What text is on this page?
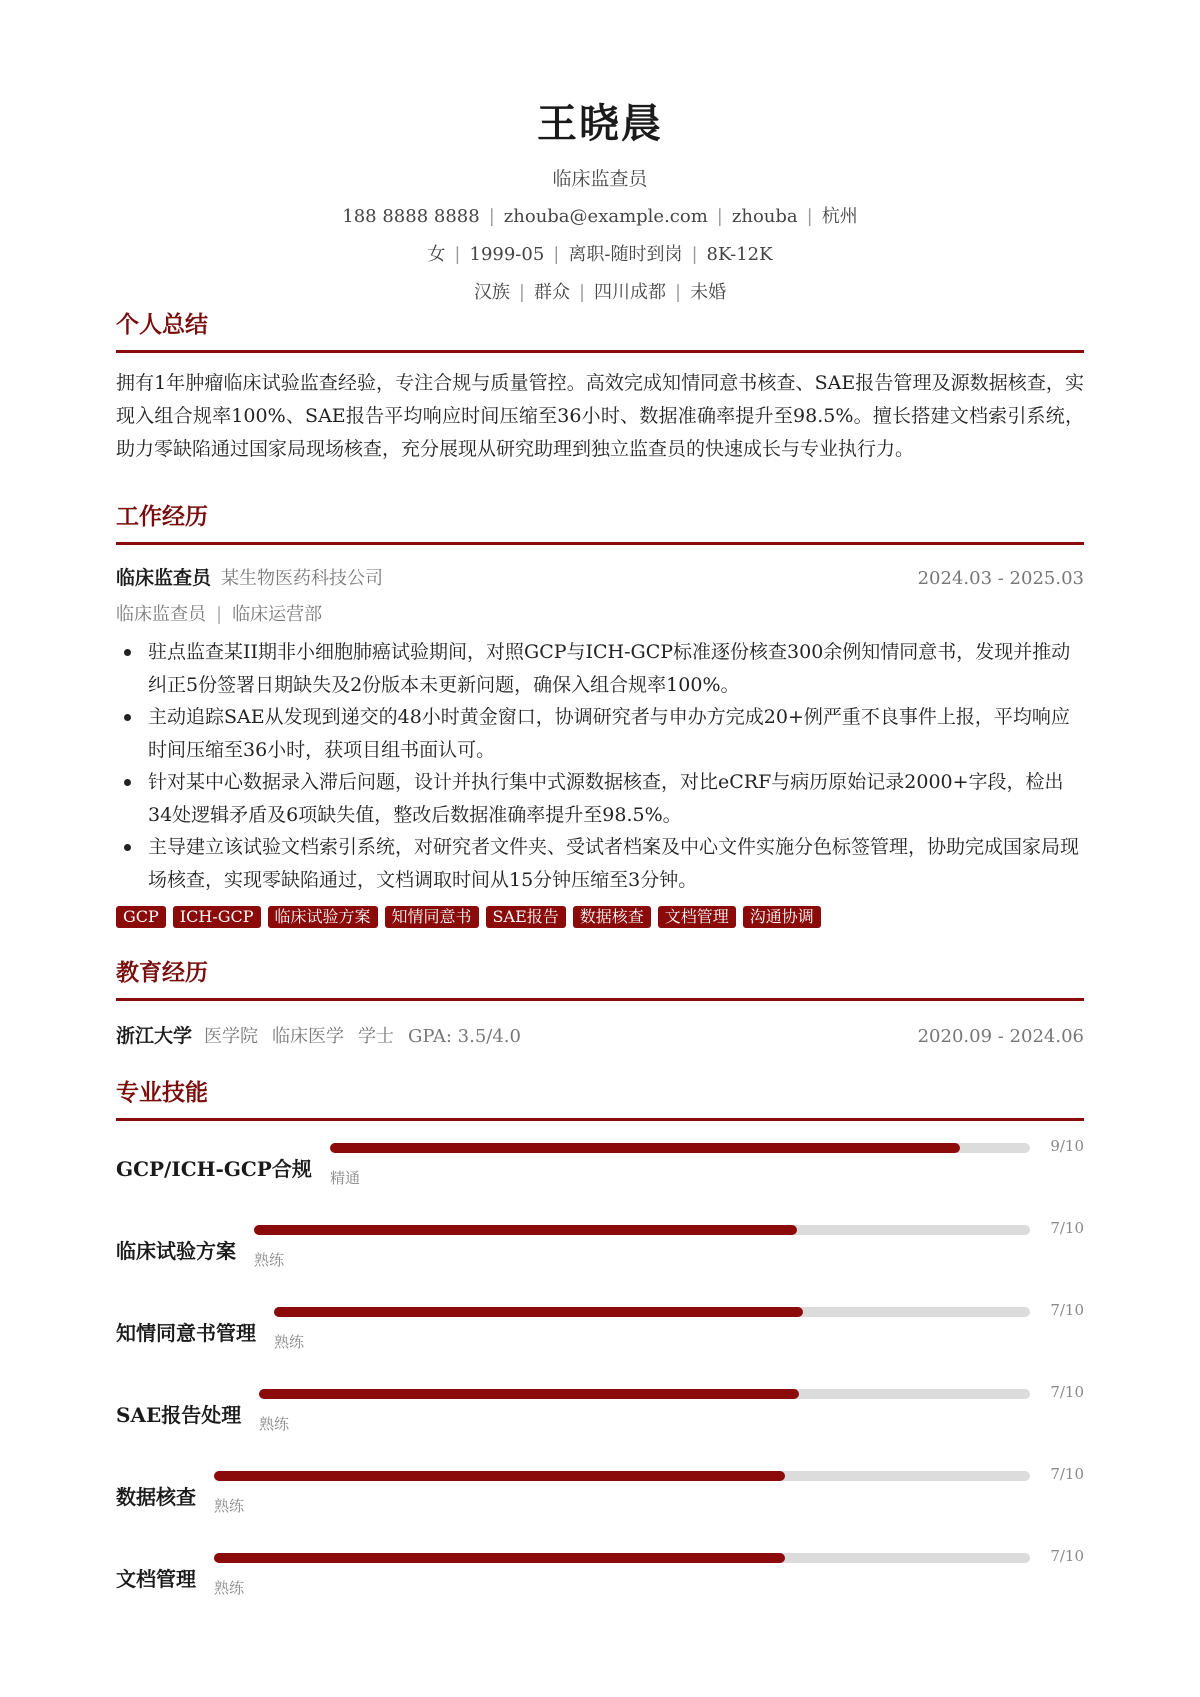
王晓晨
临床监查员
188 8888 8888 | zhouba@example.com | zhouba | 杭州
女 | 1999-05 | 离职-随时到岗 | 8K-12K
汉族 | 群众 | 四川成都 | 未婚
个人总结
拥有1年肿瘤临床试验监查经验，专注合规与质量管控。高效完成知情同意书核查、SAE报告管理及源数据核查，实现入组合规率100%、SAE报告平均响应时间压缩至36小时、数据准确率提升至98.5%。擅长搭建文档索引系统，助力零缺陷通过国家局现场核查，充分展现从研究助理到独立监查员的快速成长与专业执行力。
工作经历
临床监查员 某生物医药科技公司	2024.03 - 2025.03
临床监查员 | 临床运营部
驻点监查某II期非小细胞肺癌试验期间，对照GCP与ICH-GCP标准逐份核查300余例知情同意书，发现并推动纠正5份签署日期缺失及2份版本未更新问题，确保入组合规率100%。
主动追踪SAE从发现到递交的48小时黄金窗口，协调研究者与申办方完成20+例严重不良事件上报，平均响应时间压缩至36小时，获项目组书面认可。
针对某中心数据录入滞后问题，设计并执行集中式源数据核查，对比eCRF与病历原始记录2000+字段，检出34处逻辑矛盾及6项缺失值，整改后数据准确率提升至98.5%。
主导建立该试验文档索引系统，对研究者文件夹、受试者档案及中心文件实施分色标签管理，协助完成国家局现场核查，实现零缺陷通过，文档调取时间从15分钟压缩至3分钟。
GCP	ICH-GCP	临床试验方案	知情同意书	SAE报告	数据核查	文档管理	沟通协调
教育经历
浙江大学 医学院 临床医学 学士 GPA: 3.5/4.0	2020.09 - 2024.06
专业技能
GCP/ICH-GCP合规 精通
9/10
临床试验方案 熟练
7/10
知情同意书管理 熟练
7/10
SAE报告处理 熟练
7/10
数据核查 熟练
7/10
文档管理 熟练
7/10
